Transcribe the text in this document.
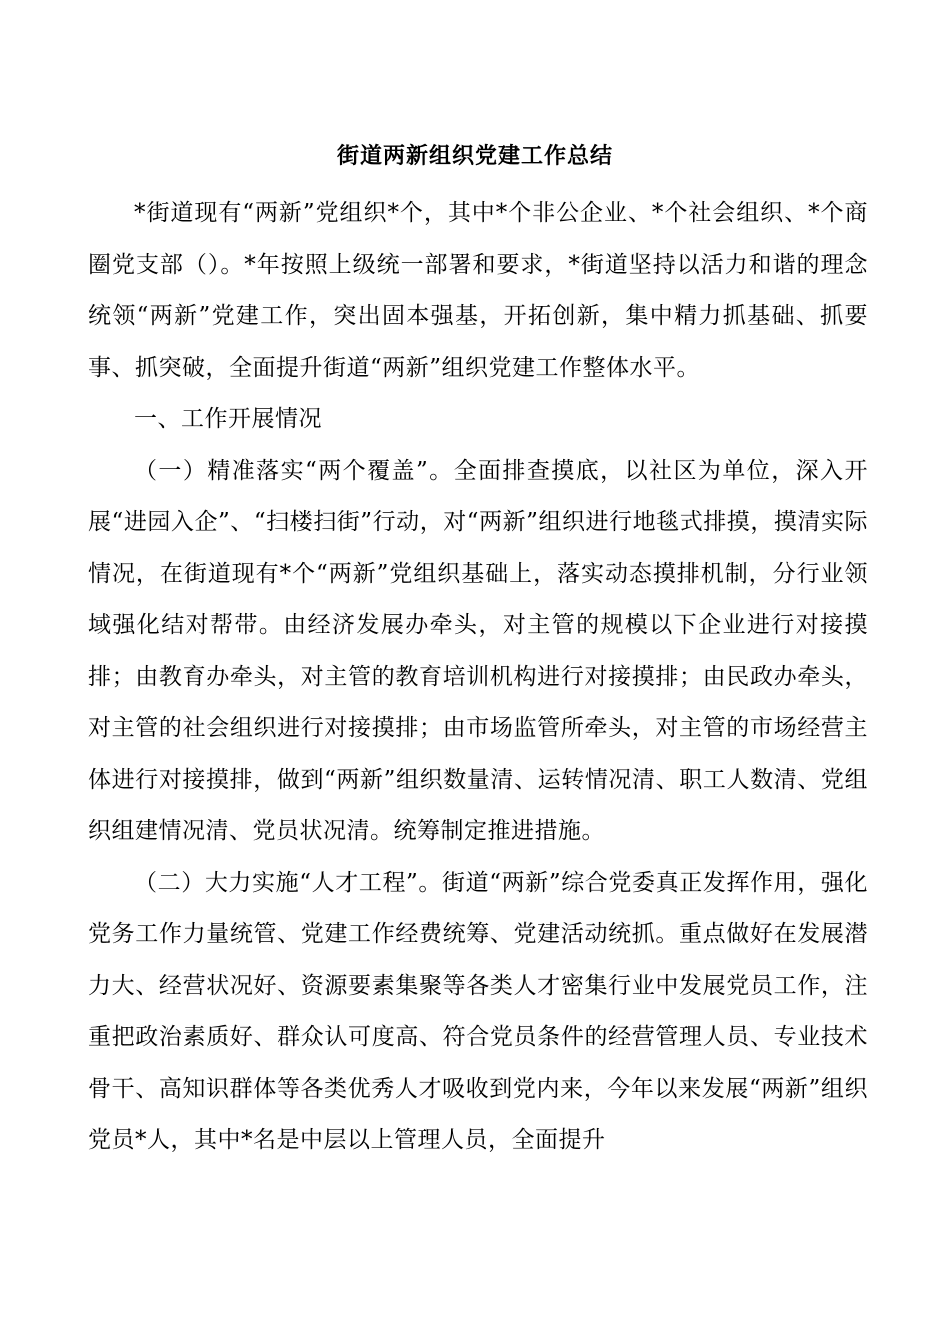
街道两新组织党建工作总结

*街道现有“两新”党组织*个，其中*个非公企业、*个社会组织、*个商圈党支部（）。*年按照上级统一部署和要求，*街道坚持以活力和谐的理念统领“两新”党建工作，突出固本强基，开拓创新，集中精力抓基础、抓要事、抓突破，全面提升街道“两新”组织党建工作整体水平。

一、工作开展情况

（一）精准落实“两个覆盖”。全面排查摸底，以社区为单位，深入开展“进园入企”、“扫楼扫街”行动，对“两新”组织进行地毯式排摸，摸清实际情况，在街道现有*个“两新”党组织基础上，落实动态摸排机制，分行业领域强化结对帮带。由经济发展办牵头，对主管的规模以下企业进行对接摸排；由教育办牵头，对主管的教育培训机构进行对接摸排；由民政办牵头，对主管的社会组织进行对接摸排；由市场监管所牵头，对主管的市场经营主体进行对接摸排，做到“两新”组织数量清、运转情况清、职工人数清、党组织组建情况清、党员状况清。统筹制定推进措施。

（二）大力实施“人才工程”。街道“两新”综合党委真正发挥作用，强化党务工作力量统管、党建工作经费统筹、党建活动统抓。重点做好在发展潜力大、经营状况好、资源要素集聚等各类人才密集行业中发展党员工作，注重把政治素质好、群众认可度高、符合党员条件的经营管理人员、专业技术骨干、高知识群体等各类优秀人才吸收到党内来，今年以来发展“两新”组织党员*人，其中*名是中层以上管理人员，全面提升
